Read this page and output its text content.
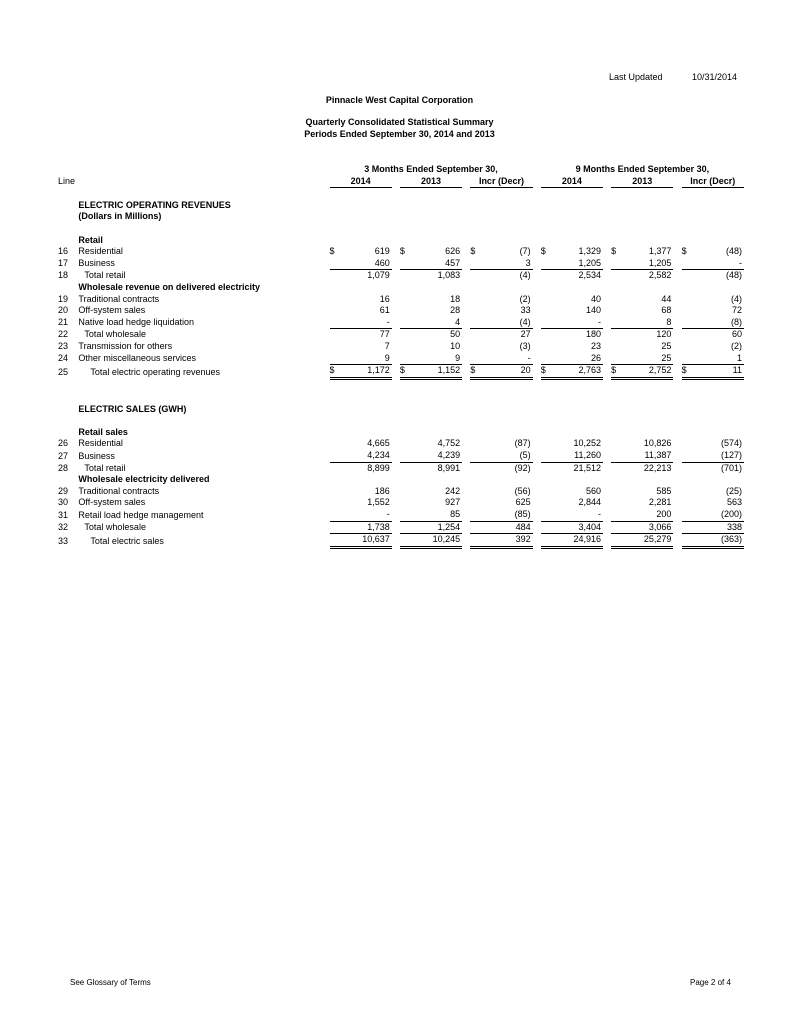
Last Updated	10/31/2014
Pinnacle West Capital Corporation
Quarterly Consolidated Statistical Summary
Periods Ended September 30, 2014 and 2013
		3 Months Ended September 30,									9 Months Ended September 30,							
Line		2014			2013			Incr (Decr)			2014			2013			Incr (Decr)	

	ELECTRIC OPERATING REVENUES																	
	(Dollars in Millions)																	

	Retail																	
16	Residential	$	619		$	626		$	(7)		$	1,329		$	1,377		$	(48)
17	Business		460			457			3			1,205			1,205			-
18	Total retail		1,079			1,083			(4)			2,534			2,582			(48)
	Wholesale revenue on delivered electricity																	
19	Traditional contracts		16			18			(2)			40			44			(4)
20	Off-system sales		61			28			33			140			68			72
21	Native load hedge liquidation		-			4			(4)			-			8			(8)
22	Total wholesale		77			50			27			180			120			60
23	Transmission for others		7			10			(3)			23			25			(2)
24	Other miscellaneous services		9			9			-			26			25			1
25	Total electric operating revenues	$	1,172		$	1,152		$	20		$	2,763		$	2,752		$	11

	ELECTRIC SALES (GWH)																	

	Retail sales																	
26	Residential		4,665			4,752			(87)			10,252			10,826			(574)
27	Business		4,234			4,239			(5)			11,260			11,387			(127)
28	Total retail		8,899			8,991			(92)			21,512			22,213			(701)
	Wholesale electricity delivered																	
29	Traditional contracts		186			242			(56)			560			585			(25)
30	Off-system sales		1,552			927			625			2,844			2,281			563
31	Retail load hedge management		-			85			(85)			-			200			(200)
32	Total wholesale		1,738			1,254			484			3,404			3,066			338
33	Total electric sales		10,637			10,245			392			24,916			25,279			(363)
See Glossary of Terms	Page 2 of 4
